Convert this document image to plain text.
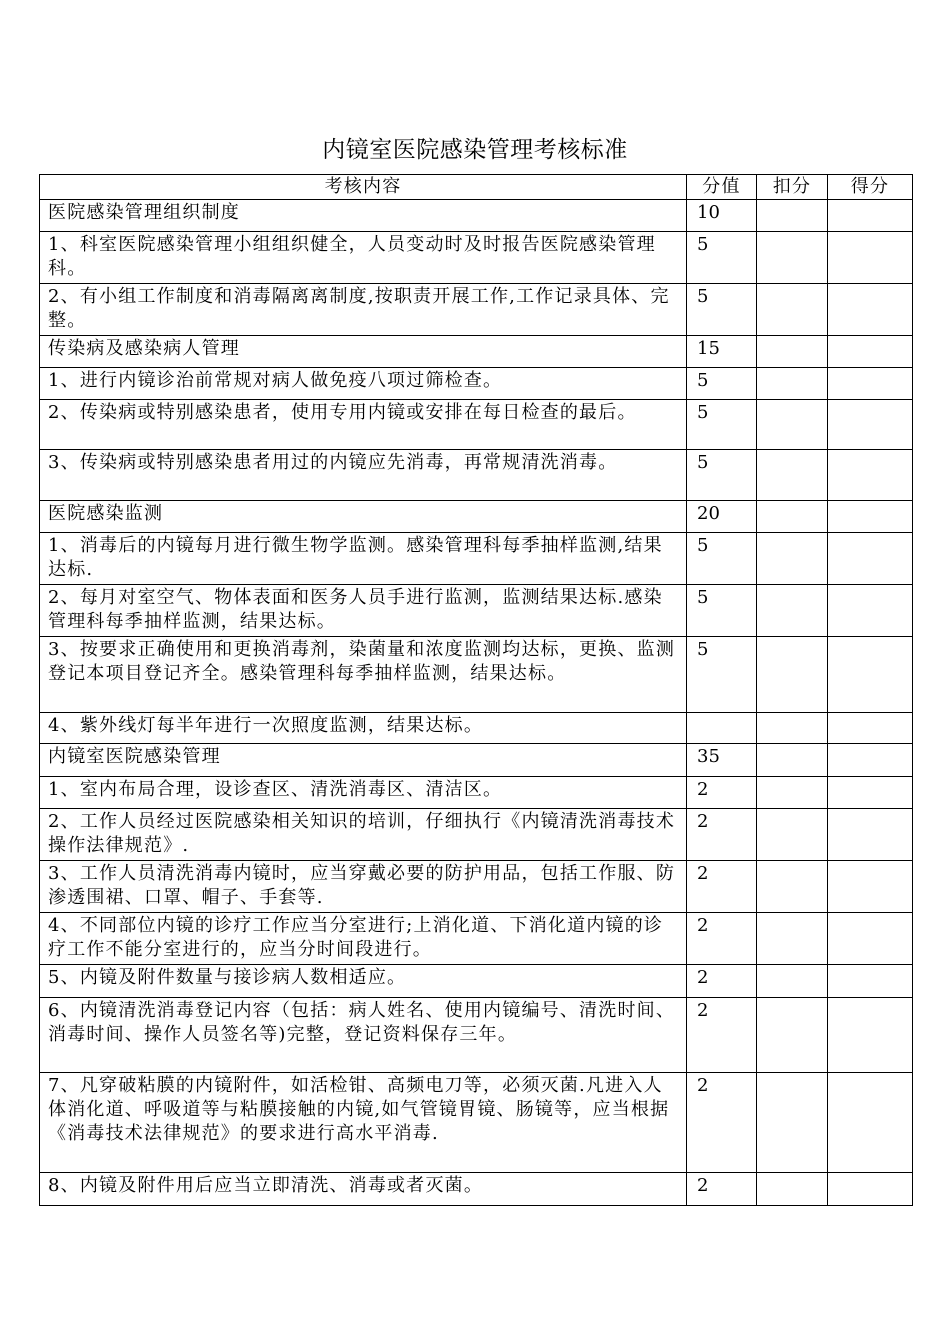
内镜室医院感染管理考核标准
考核内容	分值	扣分	得分
医院感染管理组织制度	10		
1、科室医院感染管理小组组织健全，人员变动时及时报告医院感染管理科。	5		
2、有小组工作制度和消毒隔离离制度,按职责开展工作,工作记录具体、完整。	5		
传染病及感染病人管理	15		
1、进行内镜诊治前常规对病人做免疫八项过筛检查。	5		
2、传染病或特别感染患者，使用专用内镜或安排在每日检查的最后。	5		
3、传染病或特别感染患者用过的内镜应先消毒，再常规清洗消毒。	5		
医院感染监测	20		
1、消毒后的内镜每月进行微生物学监测。感染管理科每季抽样监测,结果达标.	5		
2、每月对室空气、物体表面和医务人员手进行监测，监测结果达标.感染管理科每季抽样监测，结果达标。	5		
3、按要求正确使用和更换消毒剂，染菌量和浓度监测均达标，更换、监测登记本项目登记齐全。感染管理科每季抽样监测，结果达标。	5		
4、紫外线灯每半年进行一次照度监测，结果达标。			
内镜室医院感染管理	35		
1、室内布局合理，设诊查区、清洗消毒区、清洁区。	2		
2、工作人员经过医院感染相关知识的培训，仔细执行《内镜清洗消毒技术操作法律规范》.	2		
3、工作人员清洗消毒内镜时，应当穿戴必要的防护用品，包括工作服、防渗透围裙、口罩、帽子、手套等.	2		
4、不同部位内镜的诊疗工作应当分室进行;上消化道、下消化道内镜的诊疗工作不能分室进行的，应当分时间段进行。	2		
5、内镜及附件数量与接诊病人数相适应。	2		
6、内镜清洗消毒登记内容（包括：病人姓名、使用内镜编号、清洗时间、消毒时间、操作人员签名等)完整，登记资料保存三年。	2		
7、凡穿破粘膜的内镜附件，如活检钳、高频电刀等，必须灭菌.凡进入人体消化道、呼吸道等与粘膜接触的内镜,如气管镜胃镜、肠镜等，应当根据《消毒技术法律规范》的要求进行高水平消毒.	2		
8、内镜及附件用后应当立即清洗、消毒或者灭菌。	2		
